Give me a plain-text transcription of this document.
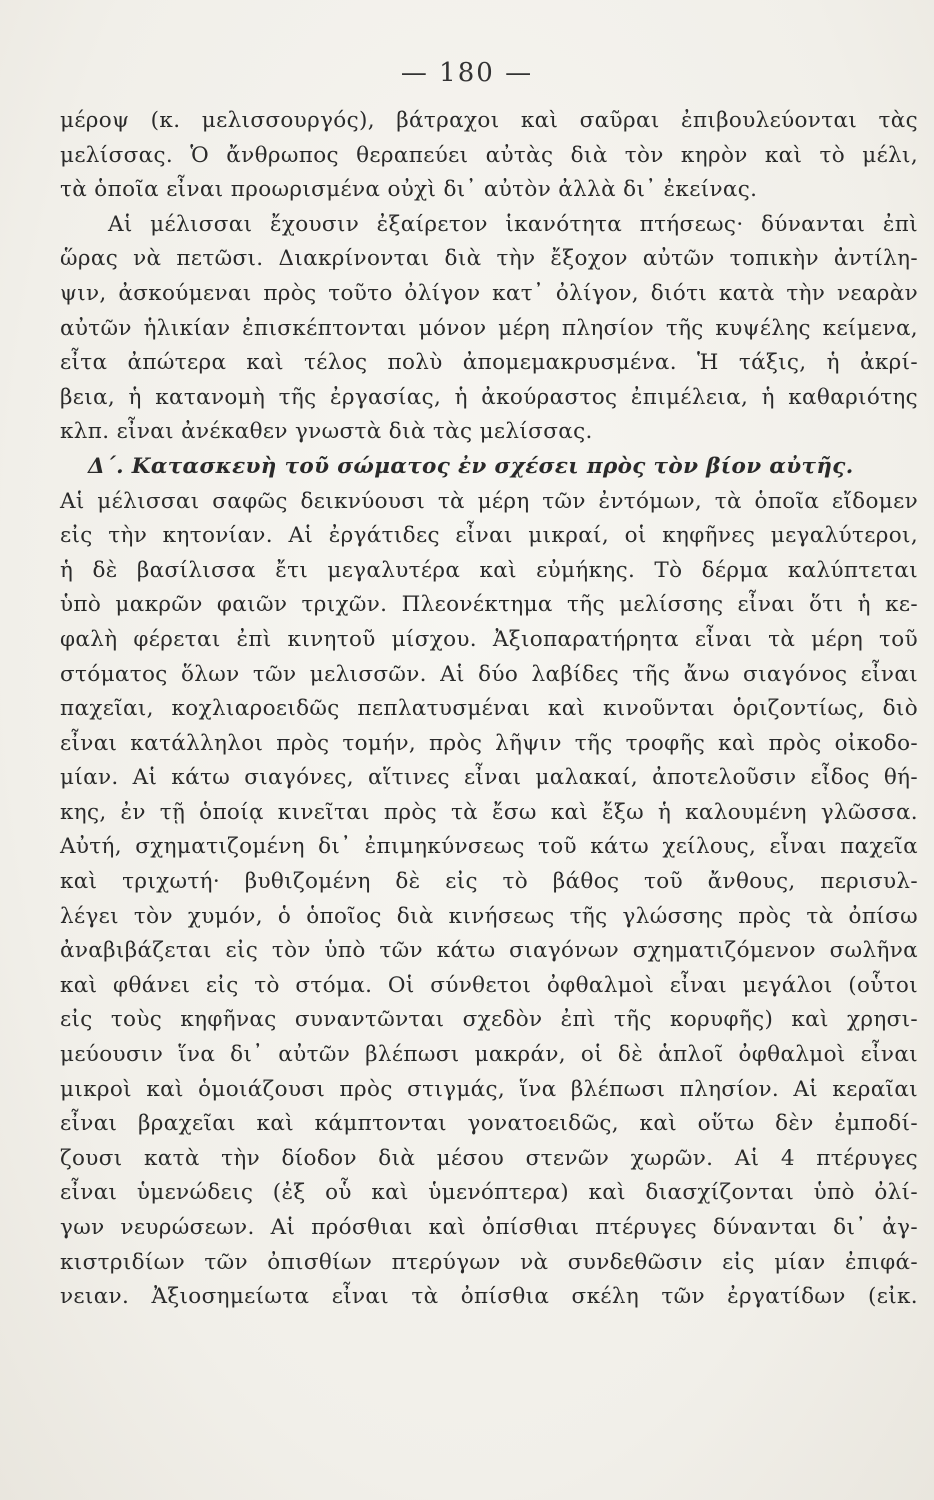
— 180 —
μέροψ (κ. μελισσουργός), βάτραχοι καὶ σαῦραι ἐπιβουλεύονται τὰς
μελίσσας. Ὁ ἄνθρωπος θεραπεύει αὐτὰς διὰ τὸν κηρὸν καὶ τὸ μέλι,
τὰ ὁποῖα εἶναι προωρισμένα οὐχὶ δι᾽ αὐτὸν ἀλλὰ δι᾽ ἐκείνας.
Αἱ μέλισσαι ἔχουσιν ἐξαίρετον ἱκανότητα πτήσεως· δύνανται ἐπὶ
ὥρας νὰ πετῶσι. Διακρίνονται διὰ τὴν ἔξοχον αὐτῶν τοπικὴν ἀντίλη-
ψιν, ἀσκούμεναι πρὸς τοῦτο ὀλίγον κατ᾽ ὀλίγον, διότι κατὰ τὴν νεαρὰν
αὐτῶν ἡλικίαν ἐπισκέπτονται μόνον μέρη πλησίον τῆς κυψέλης κείμενα,
εἶτα ἀπώτερα καὶ τέλος πολὺ ἀπομεμακρυσμένα. Ἡ τάξις, ἡ ἀκρί-
βεια, ἡ κατανομὴ τῆς ἐργασίας, ἡ ἀκούραστος ἐπιμέλεια, ἡ καθαριότης
κλπ. εἶναι ἀνέκαθεν γνωστὰ διὰ τὰς μελίσσας.
Δ΄. Κατασκευὴ τοῦ σώματος ἐν σχέσει πρὸς τὸν βίον αὐτῆς.
Αἱ μέλισσαι σαφῶς δεικνύουσι τὰ μέρη τῶν ἐντόμων, τὰ ὁποῖα εἴδομεν
εἰς τὴν κητονίαν. Αἱ ἐργάτιδες εἶναι μικραί, οἱ κηφῆνες μεγαλύτεροι,
ἡ δὲ βασίλισσα ἔτι μεγαλυτέρα καὶ εὐμήκης. Τὸ δέρμα καλύπτεται
ὑπὸ μακρῶν φαιῶν τριχῶν. Πλεονέκτημα τῆς μελίσσης εἶναι ὅτι ἡ κε-
φαλὴ φέρεται ἐπὶ κινητοῦ μίσχου. Ἀξιοπαρατήρητα εἶναι τὰ μέρη τοῦ
στόματος ὅλων τῶν μελισσῶν. Αἱ δύο λαβίδες τῆς ἄνω σιαγόνος εἶναι
παχεῖαι, κοχλιαροειδῶς πεπλατυσμέναι καὶ κινοῦνται ὁριζοντίως, διὸ
εἶναι κατάλληλοι πρὸς τομήν, πρὸς λῆψιν τῆς τροφῆς καὶ πρὸς οἰκοδο-
μίαν. Αἱ κάτω σιαγόνες, αἵτινες εἶναι μαλακαί, ἀποτελοῦσιν εἶδος θή-
κης, ἐν τῇ ὁποίᾳ κινεῖται πρὸς τὰ ἔσω καὶ ἔξω ἡ καλουμένη γλῶσσα.
Αὐτή, σχηματιζομένη δι᾽ ἐπιμηκύνσεως τοῦ κάτω χείλους, εἶναι παχεῖα
καὶ τριχωτή· βυθιζομένη δὲ εἰς τὸ βάθος τοῦ ἄνθους, περισυλ-
λέγει τὸν χυμόν, ὁ ὁποῖος διὰ κινήσεως τῆς γλώσσης πρὸς τὰ ὀπίσω
ἀναβιβάζεται εἰς τὸν ὑπὸ τῶν κάτω σιαγόνων σχηματιζόμενον σωλῆνα
καὶ φθάνει εἰς τὸ στόμα. Οἱ σύνθετοι ὀφθαλμοὶ εἶναι μεγάλοι (οὗτοι
εἰς τοὺς κηφῆνας συναντῶνται σχεδὸν ἐπὶ τῆς κορυφῆς) καὶ χρησι-
μεύουσιν ἵνα δι᾽ αὐτῶν βλέπωσι μακράν, οἱ δὲ ἁπλοῖ ὀφθαλμοὶ εἶναι
μικροὶ καὶ ὁμοιάζουσι πρὸς στιγμάς, ἵνα βλέπωσι πλησίον. Αἱ κεραῖαι
εἶναι βραχεῖαι καὶ κάμπτονται γονατοειδῶς, καὶ οὕτω δὲν ἐμποδί-
ζουσι κατὰ τὴν δίοδον διὰ μέσου στενῶν χωρῶν. Αἱ 4 πτέρυγες
εἶναι ὑμενώδεις (ἐξ οὗ καὶ ὑμενόπτερα) καὶ διασχίζονται ὑπὸ ὀλί-
γων νευρώσεων. Αἱ πρόσθιαι καὶ ὀπίσθιαι πτέρυγες δύνανται δι᾽ ἀγ-
κιστριδίων τῶν ὀπισθίων πτερύγων νὰ συνδεθῶσιν εἰς μίαν ἐπιφά-
νειαν. Ἀξιοσημείωτα εἶναι τὰ ὀπίσθια σκέλη τῶν ἐργατίδων (εἰκ.
